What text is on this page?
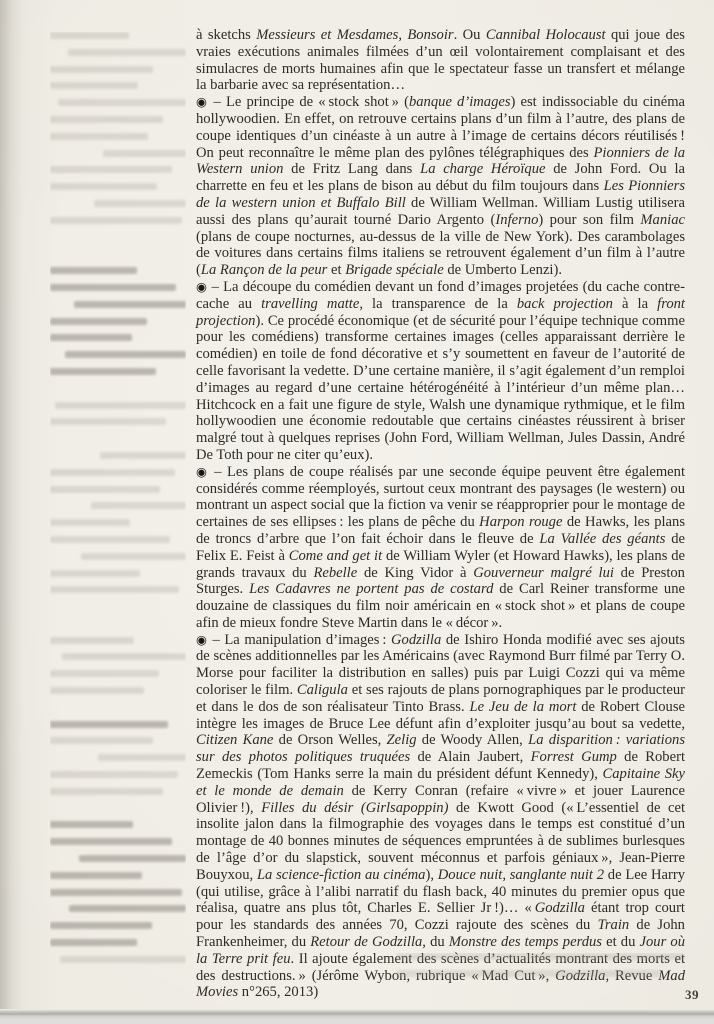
à sketchs Messieurs et Mesdames, Bonsoir. Ou Cannibal Holocaust qui joue des vraies exécutions animales filmées d’un œil volontairement complaisant et des simulacres de morts humaines afin que le spectateur fasse un transfert et mélange la barbarie avec sa représentation…

◉ – Le principe de « stock shot » (banque d’images) est indissociable du cinéma hollywoodien. En effet, on retrouve certains plans d’un film à l’autre, des plans de coupe identiques d’un cinéaste à un autre à l’image de certains décors réutilisés ! On peut reconnaître le même plan des pylônes télégraphiques des Pionniers de la Western union de Fritz Lang dans La charge Héroïque de John Ford. Ou la charrette en feu et les plans de bison au début du film toujours dans Les Pionniers de la western union et Buffalo Bill de William Wellman. William Lustig utilisera aussi des plans qu’aurait tourné Dario Argento (Inferno) pour son film Maniac (plans de coupe nocturnes, au-dessus de la ville de New York). Des carambolages de voitures dans certains films italiens se retrouvent également d’un film à l’autre (La Rançon de la peur et Brigade spéciale de Umberto Lenzi).

◉ – La découpe du comédien devant un fond d’images projetées (du cache contre-cache au travelling matte, la transparence de la back projection à la front projection). Ce procédé économique (et de sécurité pour l’équipe technique comme pour les comédiens) transforme certaines images (celles apparaissant derrière le comédien) en toile de fond décorative et s’y soumettent en faveur de l’autorité de celle favorisant la vedette. D’une certaine manière, il s’agit également d’un remploi d’images au regard d’une certaine hétérogénéité à l’intérieur d’un même plan… Hitchcock en a fait une figure de style, Walsh une dynamique rythmique, et le film hollywoodien une économie redoutable que certains cinéastes réussirent à briser malgré tout à quelques reprises (John Ford, William Wellman, Jules Dassin, André De Toth pour ne citer qu’eux).

◉ – Les plans de coupe réalisés par une seconde équipe peuvent être également considérés comme réemployés, surtout ceux montrant des paysages (le western) ou montrant un aspect social que la fiction va venir se réapproprier pour le montage de certaines de ses ellipses : les plans de pêche du Harpon rouge de Hawks, les plans de troncs d’arbre que l’on fait échoir dans le fleuve de La Vallée des géants de Felix E. Feist à Come and get it de William Wyler (et Howard Hawks), les plans de grands travaux du Rebelle de King Vidor à Gouverneur malgré lui de Preston Sturges. Les Cadavres ne portent pas de costard de Carl Reiner transforme une douzaine de classiques du film noir américain en « stock shot » et plans de coupe afin de mieux fondre Steve Martin dans le « décor ».

◉ – La manipulation d’images : Godzilla de Ishiro Honda modifié avec ses ajouts de scènes additionnelles par les Américains (avec Raymond Burr filmé par Terry O. Morse pour faciliter la distribution en salles) puis par Luigi Cozzi qui va même coloriser le film. Caligula et ses rajouts de plans pornographiques par le producteur et dans le dos de son réalisateur Tinto Brass. Le Jeu de la mort de Robert Clouse intègre les images de Bruce Lee défunt afin d’exploiter jusqu’au bout sa vedette, Citizen Kane de Orson Welles, Zelig de Woody Allen, La disparition : variations sur des photos politiques truquées de Alain Jaubert, Forrest Gump de Robert Zemeckis (Tom Hanks serre la main du président défunt Kennedy), Capitaine Sky et le monde de demain de Kerry Conran (refaire « vivre » et jouer Laurence Olivier !), Filles du désir (Girlsapoppin) de Kwott Good (« L’essentiel de cet insolite jalon dans la filmographie des voyages dans le temps est constitué d’un montage de 40 bonnes minutes de séquences empruntées à de sublimes burlesques de l’âge d’or du slapstick, souvent méconnus et parfois géniaux », Jean-Pierre Bouyxou, La science-fiction au cinéma), Douce nuit, sanglante nuit 2 de Lee Harry (qui utilise, grâce à l’alibi narratif du flash back, 40 minutes du premier opus que réalisa, quatre ans plus tôt, Charles E. Sellier Jr !)… « Godzilla étant trop court pour les standards des années 70, Cozzi rajoute des scènes du Train de John Frankenheimer, du Retour de Godzilla, du Monstre des temps perdus et du Jour où la Terre prit feu. Il ajoute également des scènes d’actualités montrant des morts et des destructions. » (Jérôme Wybon, rubrique « Mad Cut », Godzilla, Revue Mad Movies n°265, 2013)	39
